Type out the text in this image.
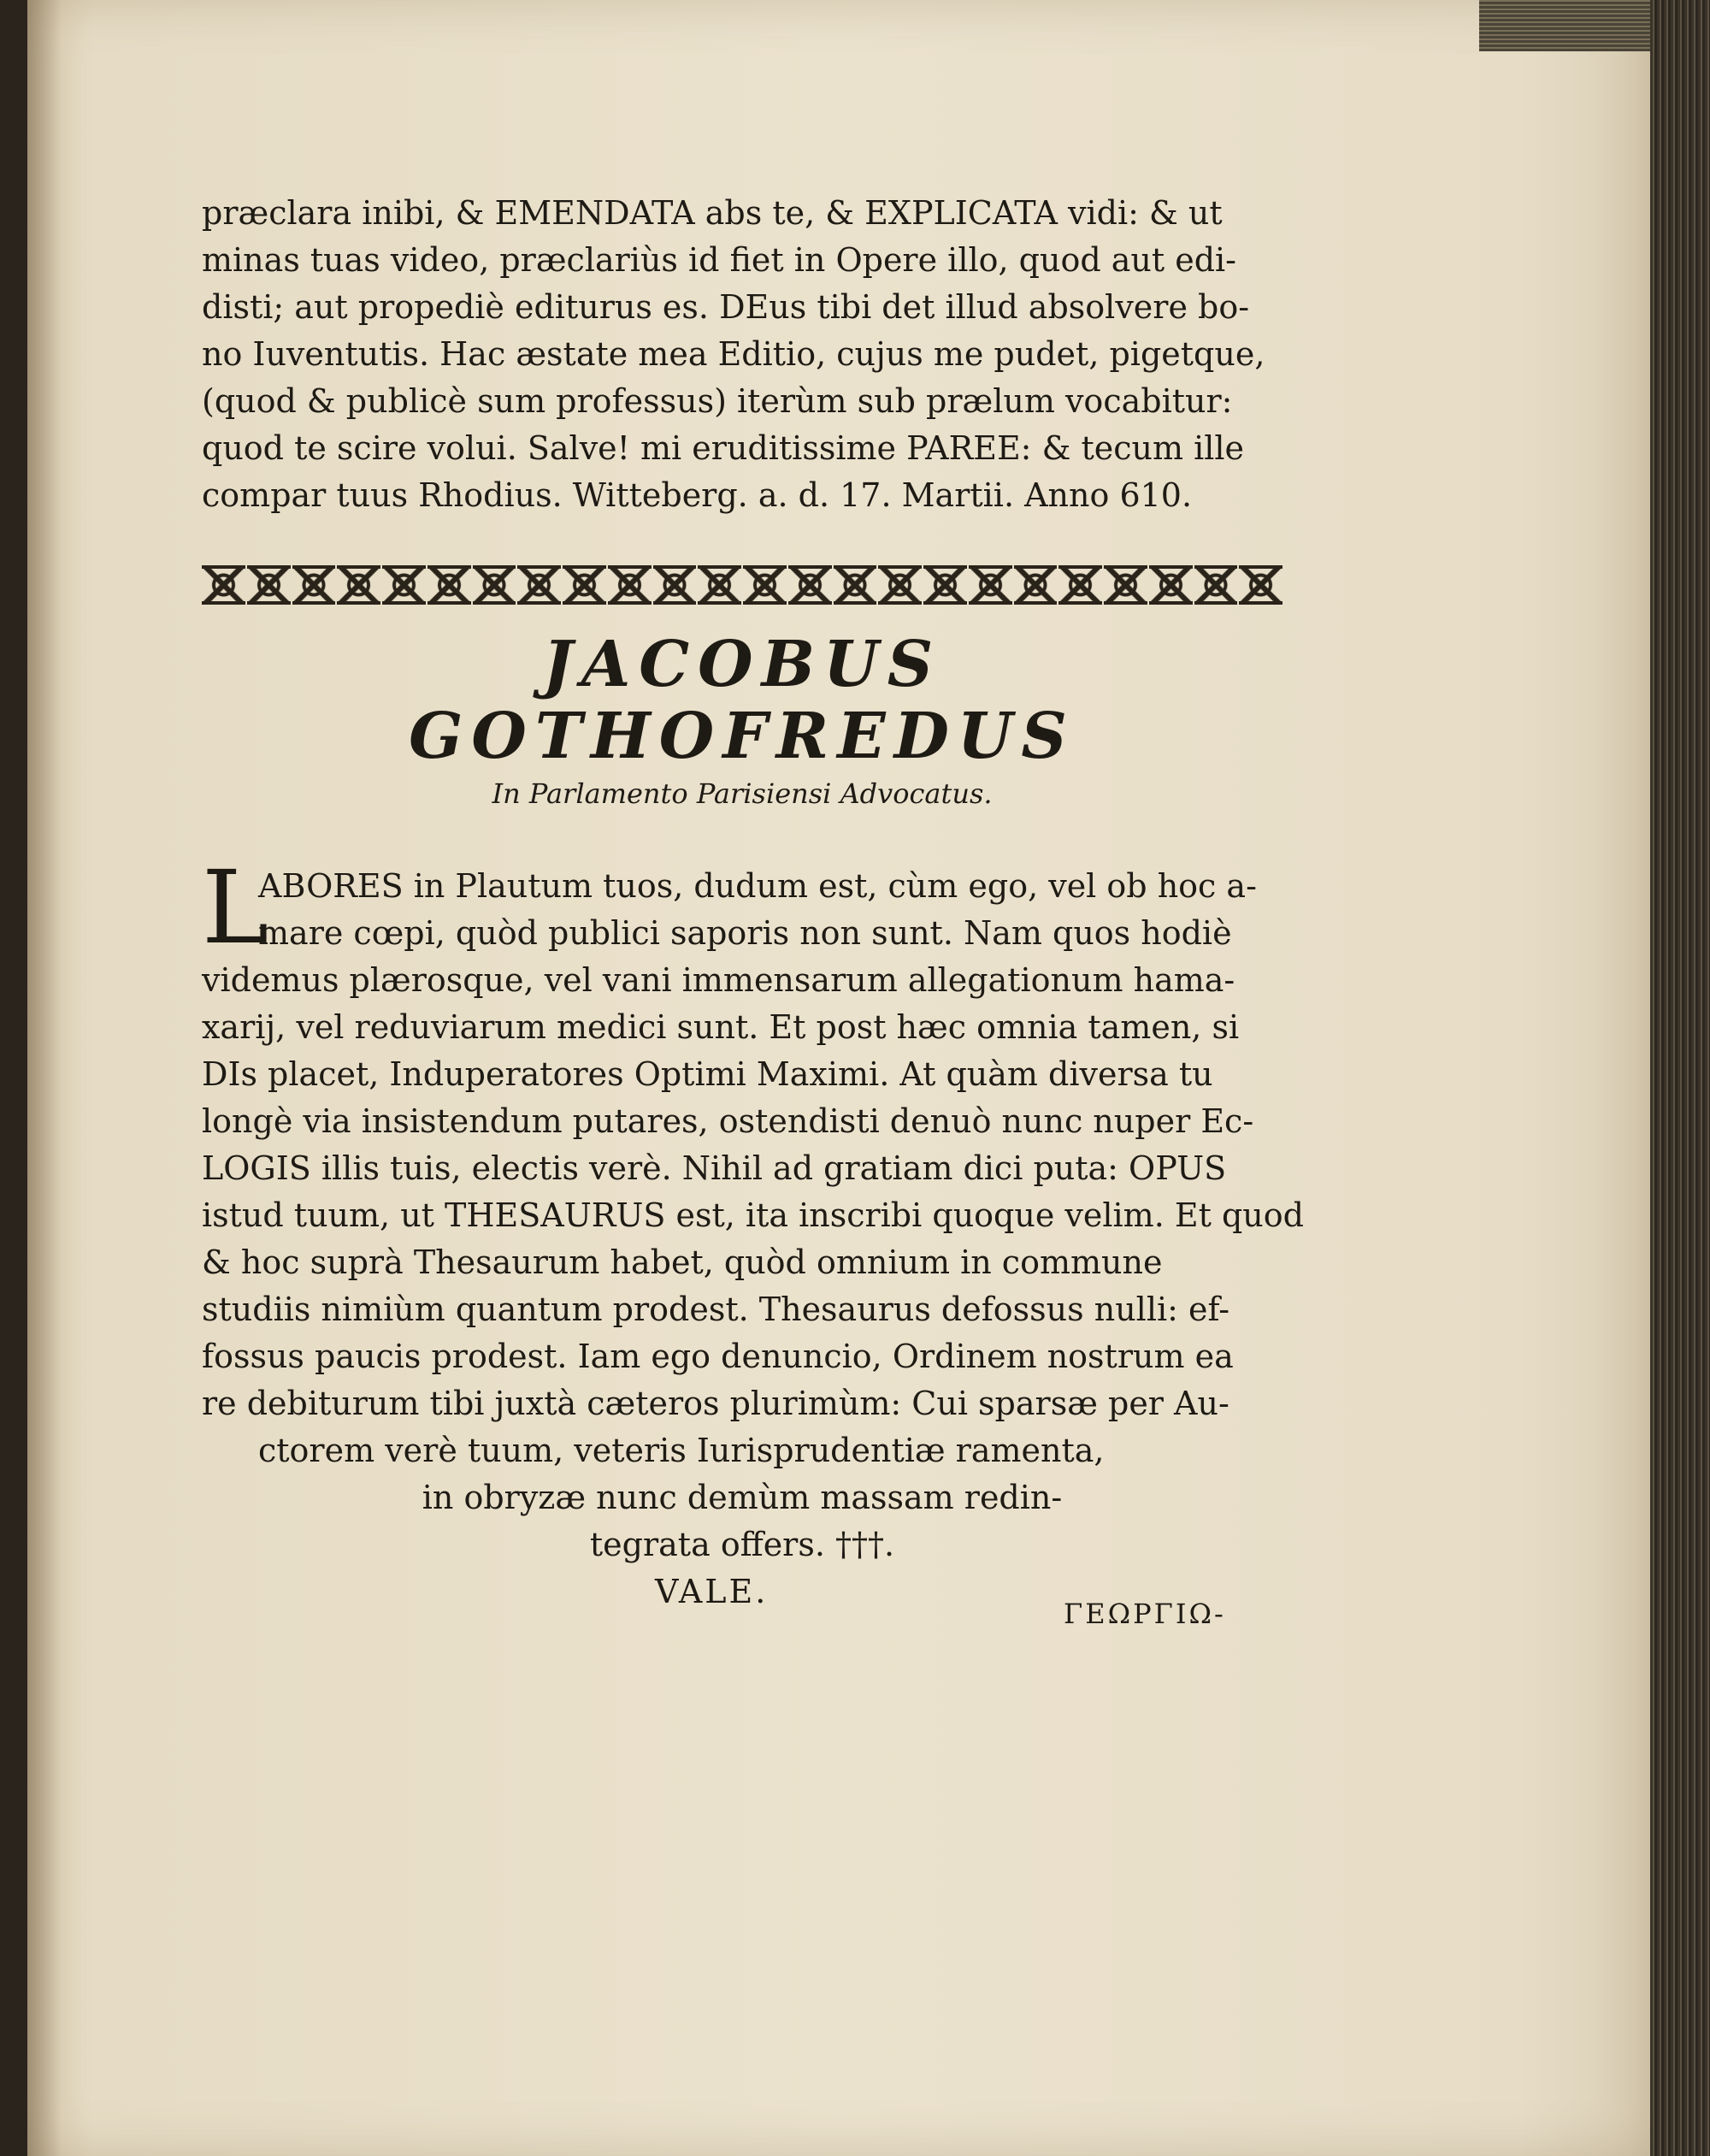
præclara inibi, & EMENDATA abs te, & EXPLICATA vidi: & ut
minas tuas video, præclariùs id fiet in Opere illo, quod aut edi-
disti; aut propediè editurus es. DEus tibi det illud absolvere bo-
no Iuventutis. Hac æstate mea Editio, cujus me pudet, pigetque,
(quod & publicè sum professus) iterùm sub prælum vocabitur:
quod te scire volui. Salve! mi eruditissime PAREE: & tecum ille
compar tuus Rhodius. Witteberg. a. d. 17. Martii. Anno 610.

JACOBUS GOTHOFREDUS

In Parlamento Parisiensi Advocatus.

L
ABORES in Plautum tuos, dudum est, cùm ego, vel ob hoc a-
mare cœpi, quòd publici saporis non sunt. Nam quos hodiè
videmus plærosque, vel vani immensarum allegationum hama-
xarij, vel reduviarum medici sunt. Et post hæc omnia tamen, si
DIs placet, Induperatores Optimi Maximi. At quàm diversa tu
longè via insistendum putares, ostendisti denuò nunc nuper Ec-
LOGIS illis tuis, electis verè. Nihil ad gratiam dici puta: OPUS
istud tuum, ut THESAURUS est, ita inscribi quoque velim. Et quod
& hoc suprà Thesaurum habet, quòd omnium in commune
studiis nimiùm quantum prodest. Thesaurus defossus nulli: ef-
fossus paucis prodest. Iam ego denuncio, Ordinem nostrum ea
re debiturum tibi juxtà cæteros plurimùm: Cui sparsæ per Au-
ctorem verè tuum, veteris Iurisprudentiæ ramenta,
in obryzæ nunc demùm massam redin-
tegrata offers. †††.
VALE.
ΓΕΩΡΓΙΩ-
